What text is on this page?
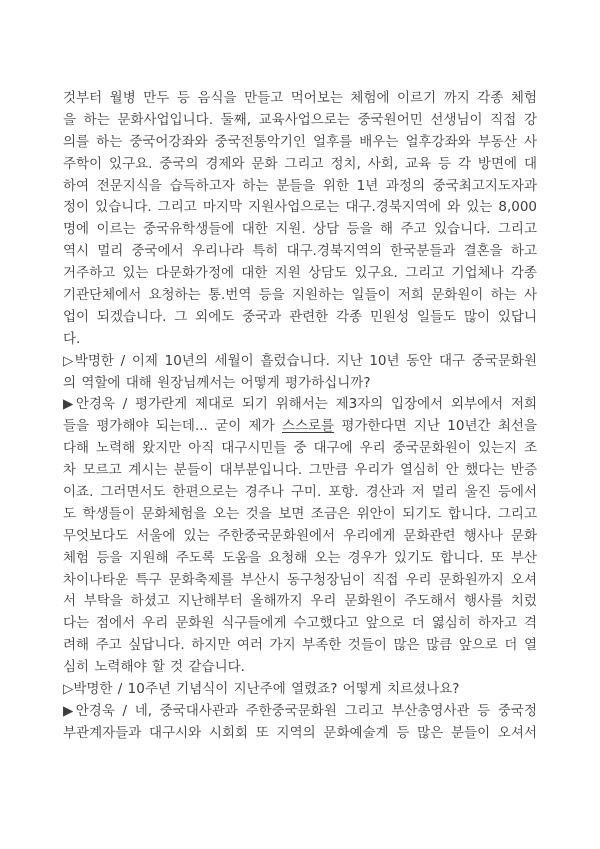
것부터 월병 만두 등 음식을 만들고 먹어보는 체험에 이르기 까지 각종 체험
을 하는 문화사업입니다. 둘째, 교육사업으로는 중국원어민 선생님이 직접 강
의를 하는 중국어강좌와 중국전통악기인 얼후를 배우는 얼후강좌와 부동산 사
주학이 있구요. 중국의 경제와 문화 그리고 정치, 사회, 교육 등 각 방면에 대
하여 전문지식을 습득하고자 하는 분들을 위한 1년 과정의 중국최고지도자과
정이 있습니다. 그리고 마지막 지원사업으로는 대구.경북지역에 와 있는 8,000
명에 이르는 중국유학생들에 대한 지원. 상담 등을 해 주고 있습니다. 그리고
역시 멀리 중국에서 우리나라 특히 대구.경북지역의 한국분들과 결혼을 하고
거주하고 있는 다문화가정에 대한 지원 상담도 있구요. 그리고 기업체나 각종
기관단체에서 요청하는 통.번역 등을 지원하는 일들이 저희 문화원이 하는 사
업이 되겠습니다. 그 외에도 중국과 관련한 각종 민원성 일들도 많이 있답니
다.
▷박명한 / 이제 10년의 세월이 흘렀습니다. 지난 10년 동안 대구 중국문화원
의 역할에 대해 원장님께서는 어떻게 평가하십니까?
▶안경욱 / 평가란게 제대로 되기 위해서는 제3자의 입장에서 외부에서 저희
들을 평가해야 되는데... 굳이 제가 스스로를 평가한다면 지난 10년간 최선을
다해 노력해 왔지만 아직 대구시민들 중 대구에 우리 중국문화원이 있는지 조
차 모르고 계시는 분들이 대부분입니다. 그만큼 우리가 열심히 안 했다는 반증
이죠. 그러면서도 한편으로는 경주나 구미. 포항. 경산과 저 멀리 울진 등에서
도 학생들이 문화체험을 오는 것을 보면 조금은 위안이 되기도 합니다. 그리고
무엇보다도 서울에 있는 주한중국문화원에서 우리에게 문화관련 행사나 문화
체험 등을 지원해 주도록 도움을 요청해 오는 경우가 있기도 합니다. 또 부산
차이나타운 특구 문화축제를 부산시 동구청장님이 직접 우리 문화원까지 오셔
서 부탁을 하셨고 지난해부터 올해까지 우리 문화원이 주도해서 행사를 치렀
다는 점에서 우리 문화원 식구들에게 수고했다고 앞으로 더 엻심히 하자고 격
려해 주고 싶답니다. 하지만 여러 가지 부족한 것들이 많은 많큼 앞으로 더 열
심히 노력해야 할 것 같습니다.
▷박명한 / 10주년 기념식이 지난주에 열렸죠? 어떻게 치르셨나요?
▶안경욱 / 네, 중국대사관과 주한중국문화원 그리고 부산총영사관 등 중국정
부관계자들과 대구시와 시회회 또 지역의 문화예술계 등 많은 분들이 오셔서
